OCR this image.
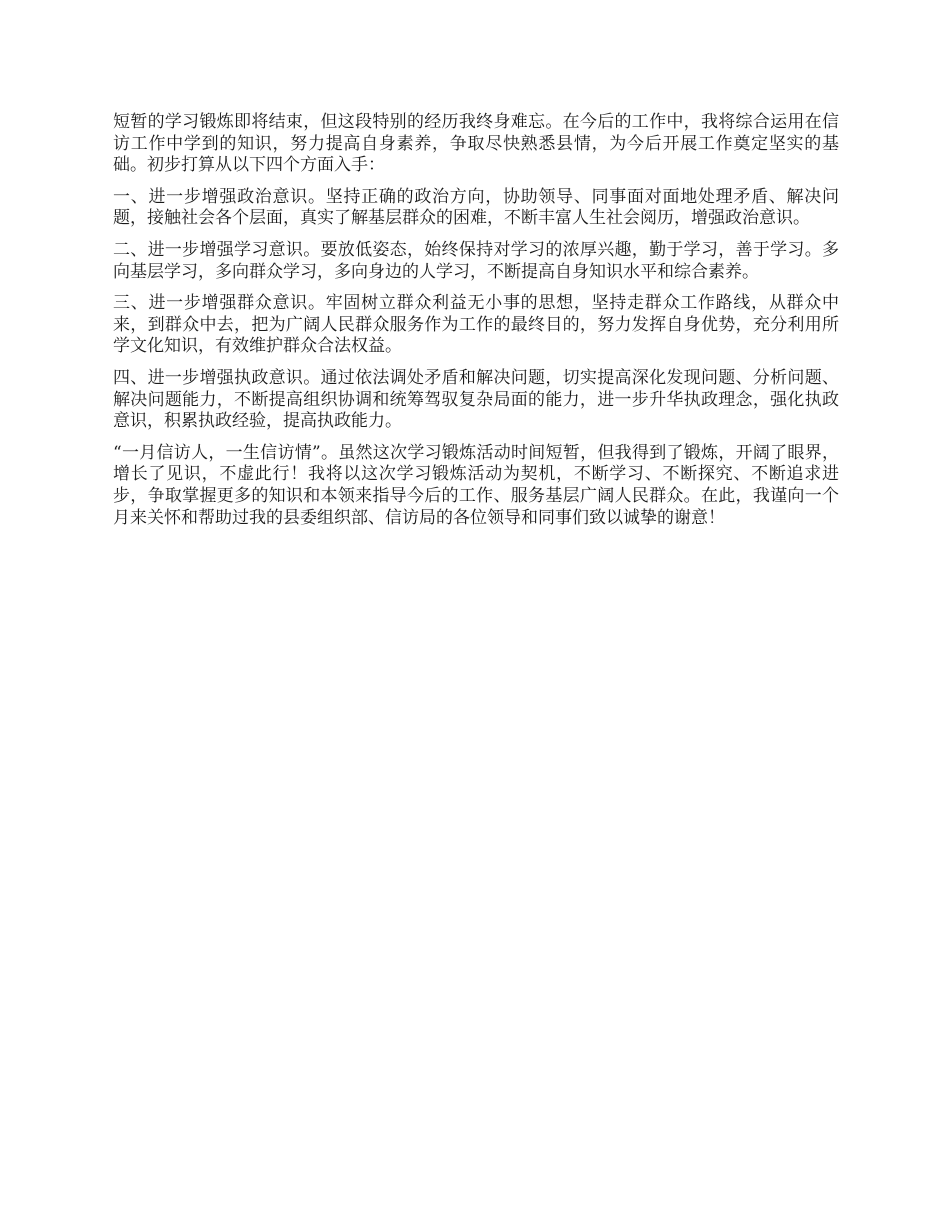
短暂的学习锻炼即将结束，但这段特别的经历我终身难忘。在今后的工作中，我将综合运用在信访工作中学到的知识，努力提高自身素养，争取尽快熟悉县情，为今后开展工作奠定坚实的基础。初步打算从以下四个方面入手：

一、进一步增强政治意识。坚持正确的政治方向，协助领导、同事面对面地处理矛盾、解决问题，接触社会各个层面，真实了解基层群众的困难，不断丰富人生社会阅历，增强政治意识。

二、进一步增强学习意识。要放低姿态，始终保持对学习的浓厚兴趣，勤于学习，善于学习。多向基层学习，多向群众学习，多向身边的人学习，不断提高自身知识水平和综合素养。

三、进一步增强群众意识。牢固树立群众利益无小事的思想，坚持走群众工作路线，从群众中来，到群众中去，把为广阔人民群众服务作为工作的最终目的，努力发挥自身优势，充分利用所学文化知识，有效维护群众合法权益。

四、进一步增强执政意识。通过依法调处矛盾和解决问题，切实提高深化发现问题、分析问题、解决问题能力，不断提高组织协调和统筹驾驭复杂局面的能力，进一步升华执政理念，强化执政意识，积累执政经验，提高执政能力。

“一月信访人，一生信访情”。虽然这次学习锻炼活动时间短暂，但我得到了锻炼，开阔了眼界，增长了见识，不虚此行！我将以这次学习锻炼活动为契机，不断学习、不断探究、不断追求进步，争取掌握更多的知识和本领来指导今后的工作、服务基层广阔人民群众。在此，我谨向一个月来关怀和帮助过我的县委组织部、信访局的各位领导和同事们致以诚挚的谢意！
